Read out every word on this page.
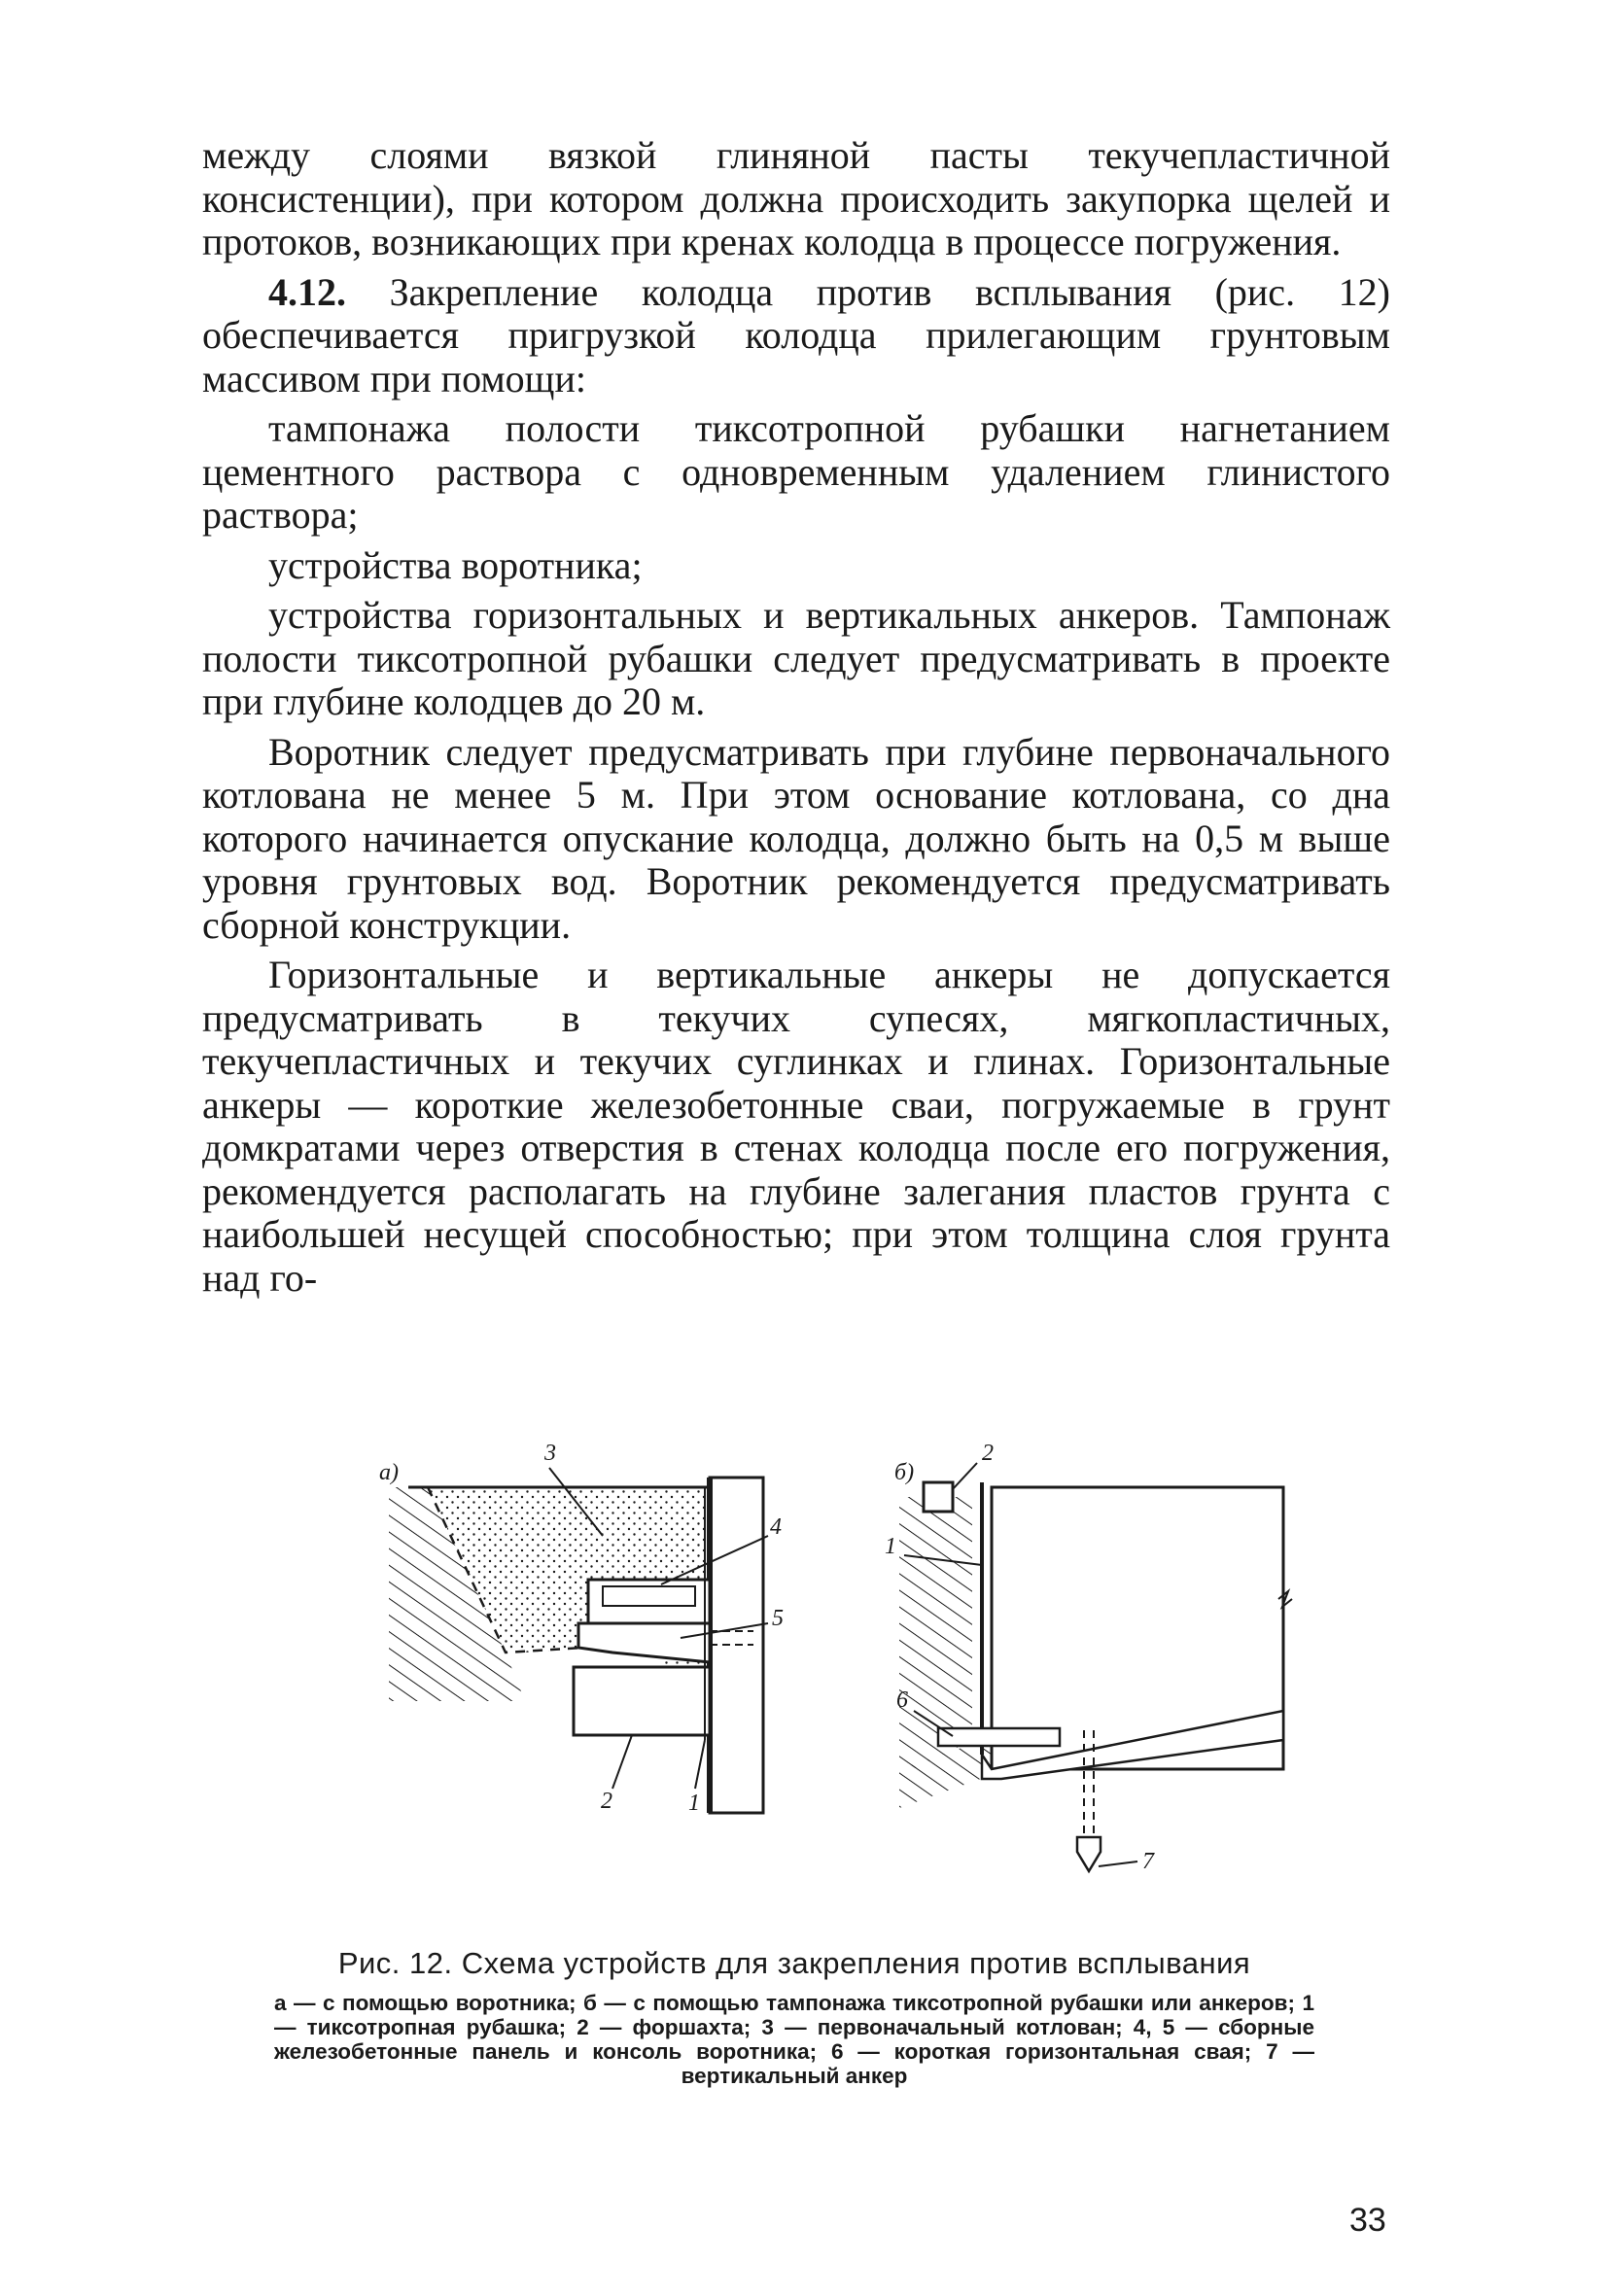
между слоями вязкой глиняной пасты текучепластичной консистенции), при котором должна происходить закупорка щелей и протоков, возникающих при кренах колодца в процессе погружения.

4.12. Закрепление колодца против всплывания (рис. 12) обеспечивается пригрузкой колодца прилегающим грунтовым массивом при помощи:

тампонажа полости тиксотропной рубашки нагнетанием цементного раствора с одновременным удалением глинистого раствора;

устройства воротника;

устройства горизонтальных и вертикальных анкеров. Тампонаж полости тиксотропной рубашки следует предусматривать в проекте при глубине колодцев до 20 м.

Воротник следует предусматривать при глубине первоначального котлована не менее 5 м. При этом основание котлована, со дна которого начинается опускание колодца, должно быть на 0,5 м выше уровня грунтовых вод. Воротник рекомендуется предусматривать сборной конструкции.

Горизонтальные и вертикальные анкеры не допускается предусматривать в текучих супесях, мягкопластичных, текучепластичных и текучих суглинках и глинах. Горизонтальные анкеры — короткие железобетонные сваи, погружаемые в грунт домкратами через отверстия в стенах колодца после его погружения, рекомендуется располагать на глубине залегания пластов грунта с наибольшей несущей способностью; при этом толщина слоя грунта над го-

а)
3
4
5
2	1
б)
2
1
6
7
Рис. 12. Схема устройств для закрепления против всплывания
а — с помощью воротника; б — с помощью тампонажа тиксотропной рубашки или анкеров; 1 — тиксотропная рубашка; 2 — форшахта; 3 — первоначальный котлован; 4, 5 — сборные железобетонные панель и консоль воротника; 6 — короткая горизонтальная свая; 7 — вертикальный анкер
33
